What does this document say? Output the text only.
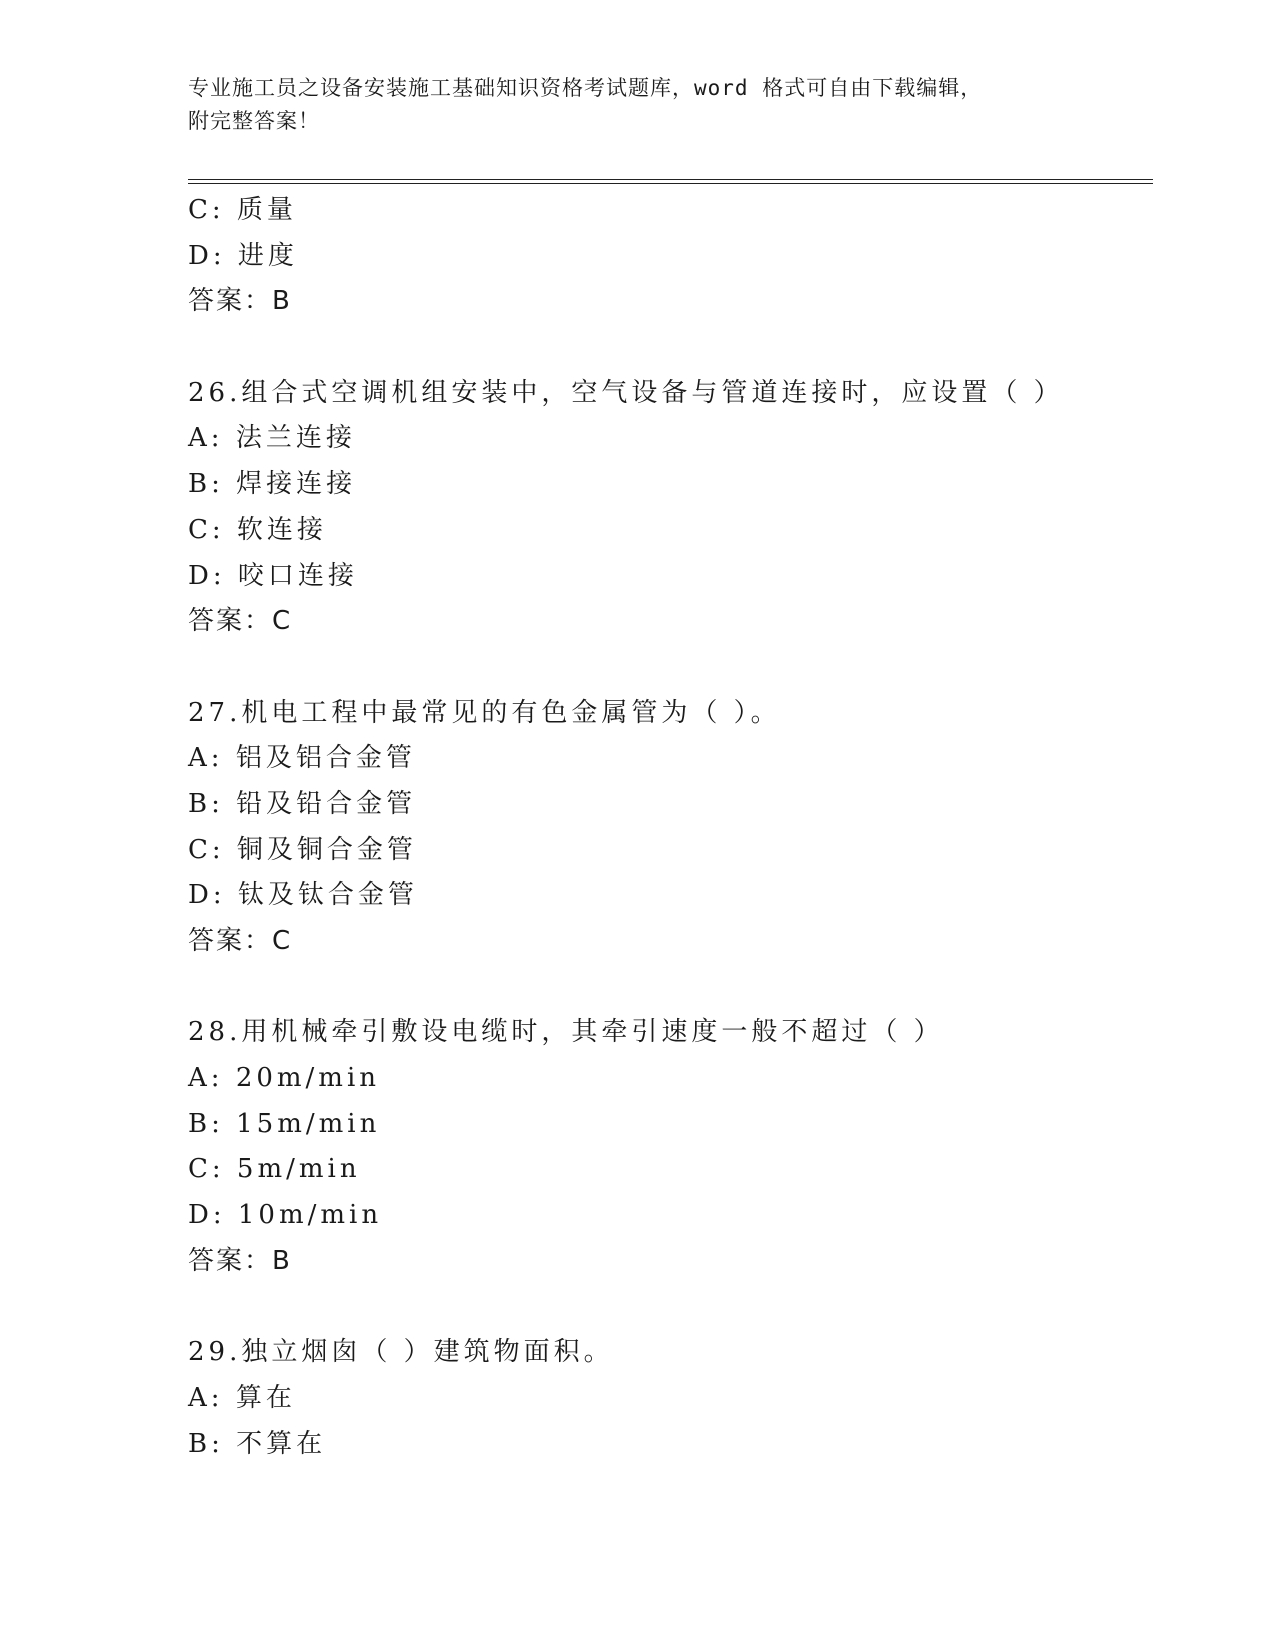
专业施工员之设备安装施工基础知识资格考试题库，word 格式可自由下载编辑，
附完整答案！
C: 质量
D: 进度
答案：B
26.组合式空调机组安装中，空气设备与管道连接时，应设置（ ）
A: 法兰连接
B: 焊接连接
C: 软连接
D: 咬口连接
答案：C
27.机电工程中最常见的有色金属管为（ ）。
A: 铝及铝合金管
B: 铅及铅合金管
C: 铜及铜合金管
D: 钛及钛合金管
答案：C
28.用机械牵引敷设电缆时，其牵引速度一般不超过（ ）
A: 20m/min
B: 15m/min
C: 5m/min
D: 10m/min
答案：B
29.独立烟囱（ ）建筑物面积。
A: 算在
B: 不算在
